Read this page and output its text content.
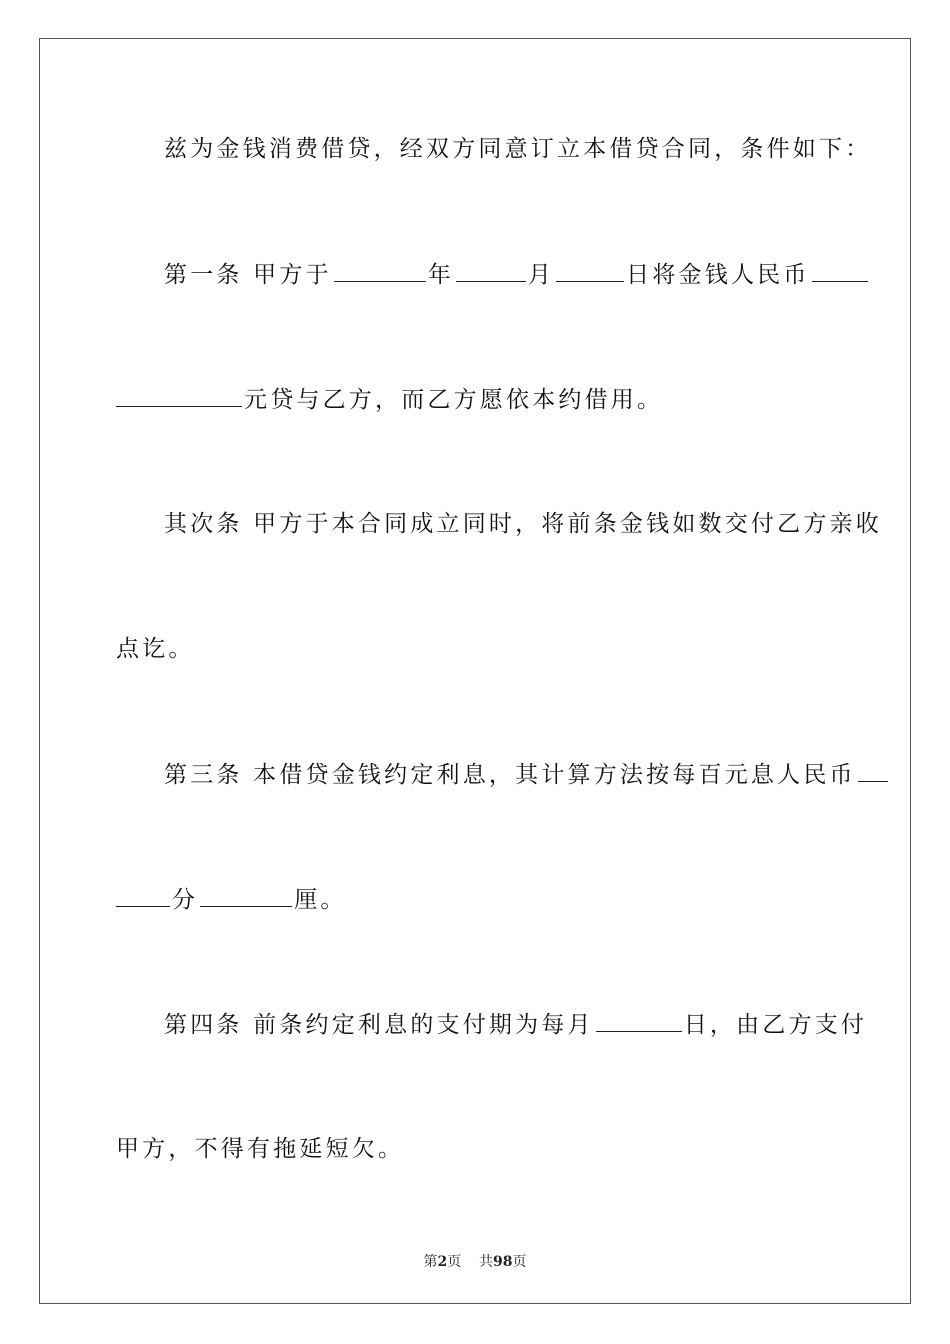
兹为金钱消费借贷，经双方同意订立本借贷合同，条件如下：
第一条 甲方于	年	月	日将金钱人民币
元贷与乙方，而乙方愿依本约借用。
其次条 甲方于本合同成立同时，将前条金钱如数交付乙方亲收
点讫。
第三条 本借贷金钱约定利息，其计算方法按每百元息人民币
分	厘。
第四条 前条约定利息的支付期为每月	日，由乙方支付
甲方，不得有拖延短欠。
第2页 共98页
